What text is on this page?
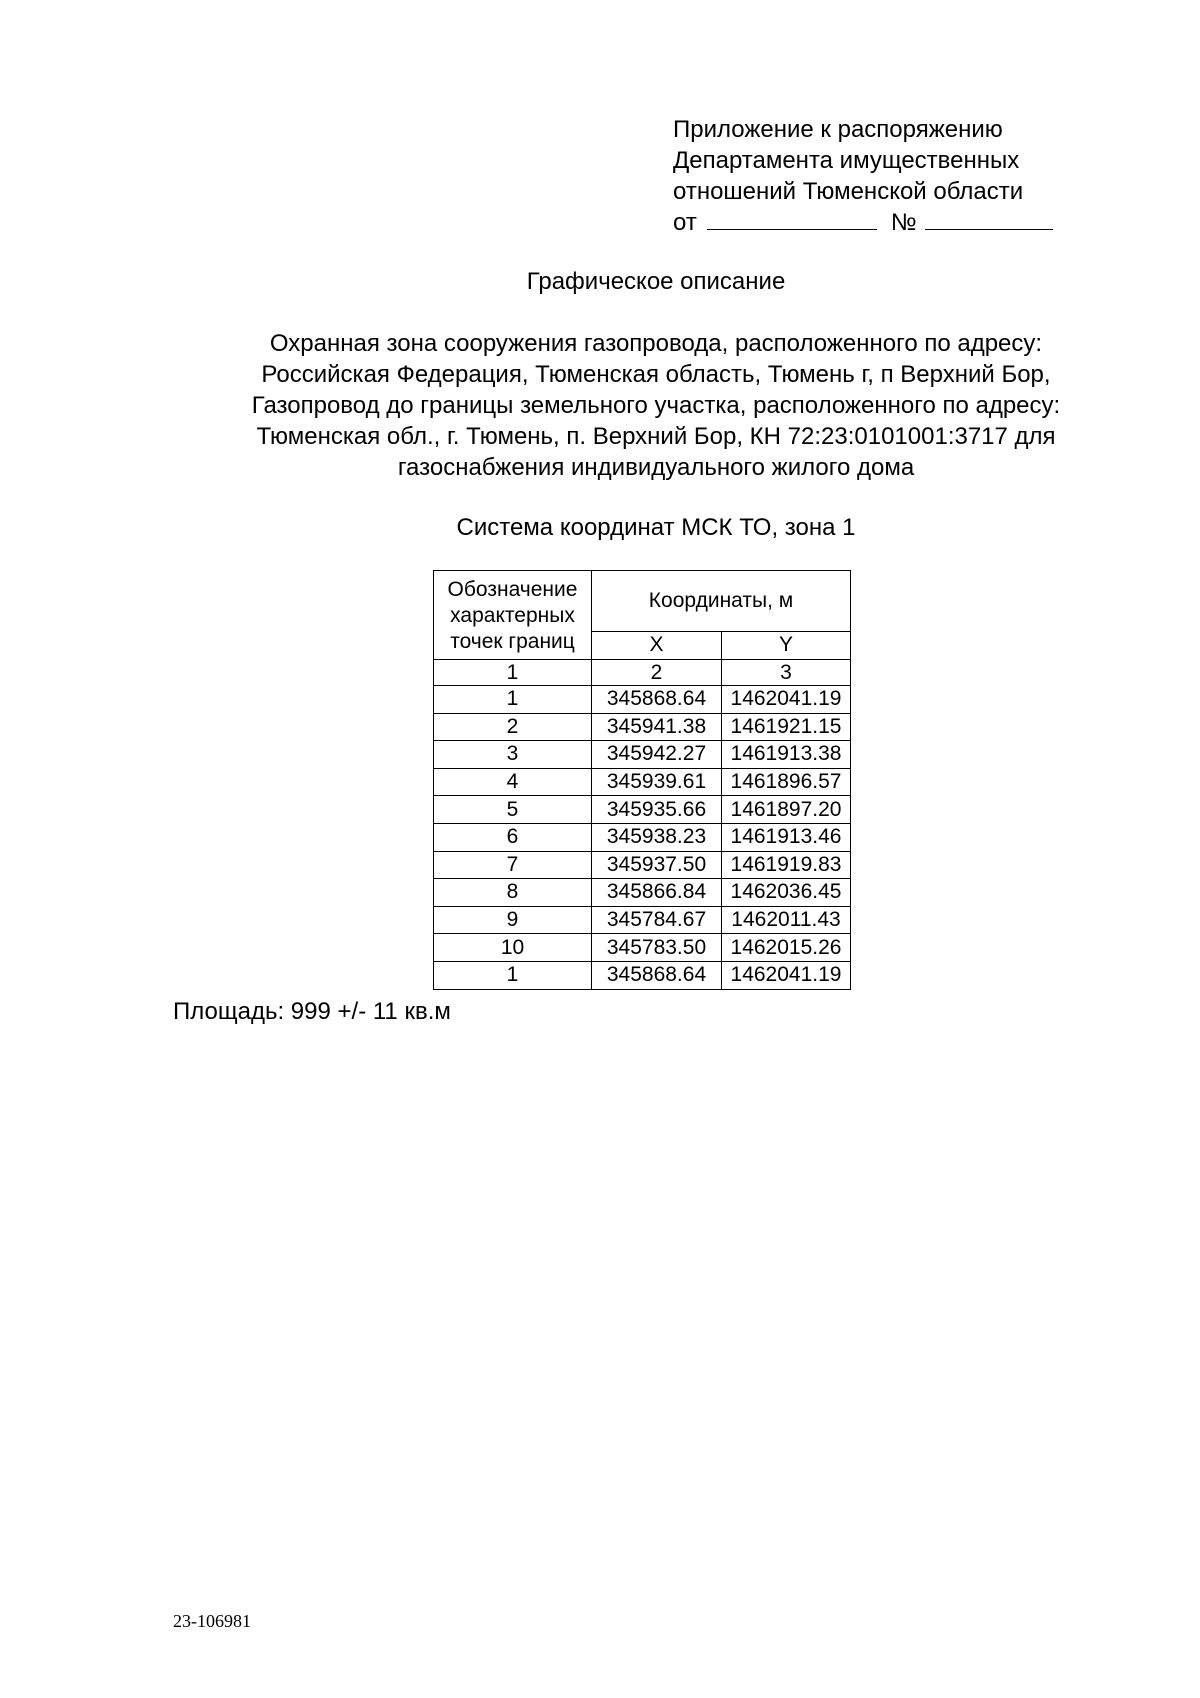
Приложение к распоряжению
Департамента имущественных
отношений Тюменской области
от	№
Графическое описание
Охранная зона сооружения газопровода, расположенного по адресу:
Российская Федерация, Тюменская область, Тюмень г, п Верхний Бор,
Газопровод до границы земельного участка, расположенного по адресу:
Тюменская обл., г. Тюмень, п. Верхний Бор, КН 72:23:0101001:3717 для
газоснабжения индивидуального жилого дома
Система координат МСК ТО, зона 1
Обозначение
характерных
точек границ	Координаты, м	
	X	Y
1	2	3
1	345868.64	1462041.19
2	345941.38	1461921.15
3	345942.27	1461913.38
4	345939.61	1461896.57
5	345935.66	1461897.20
6	345938.23	1461913.46
7	345937.50	1461919.83
8	345866.84	1462036.45
9	345784.67	1462011.43
10	345783.50	1462015.26
1	345868.64	1462041.19
Площадь: 999 +/- 11 кв.м
23-106981
